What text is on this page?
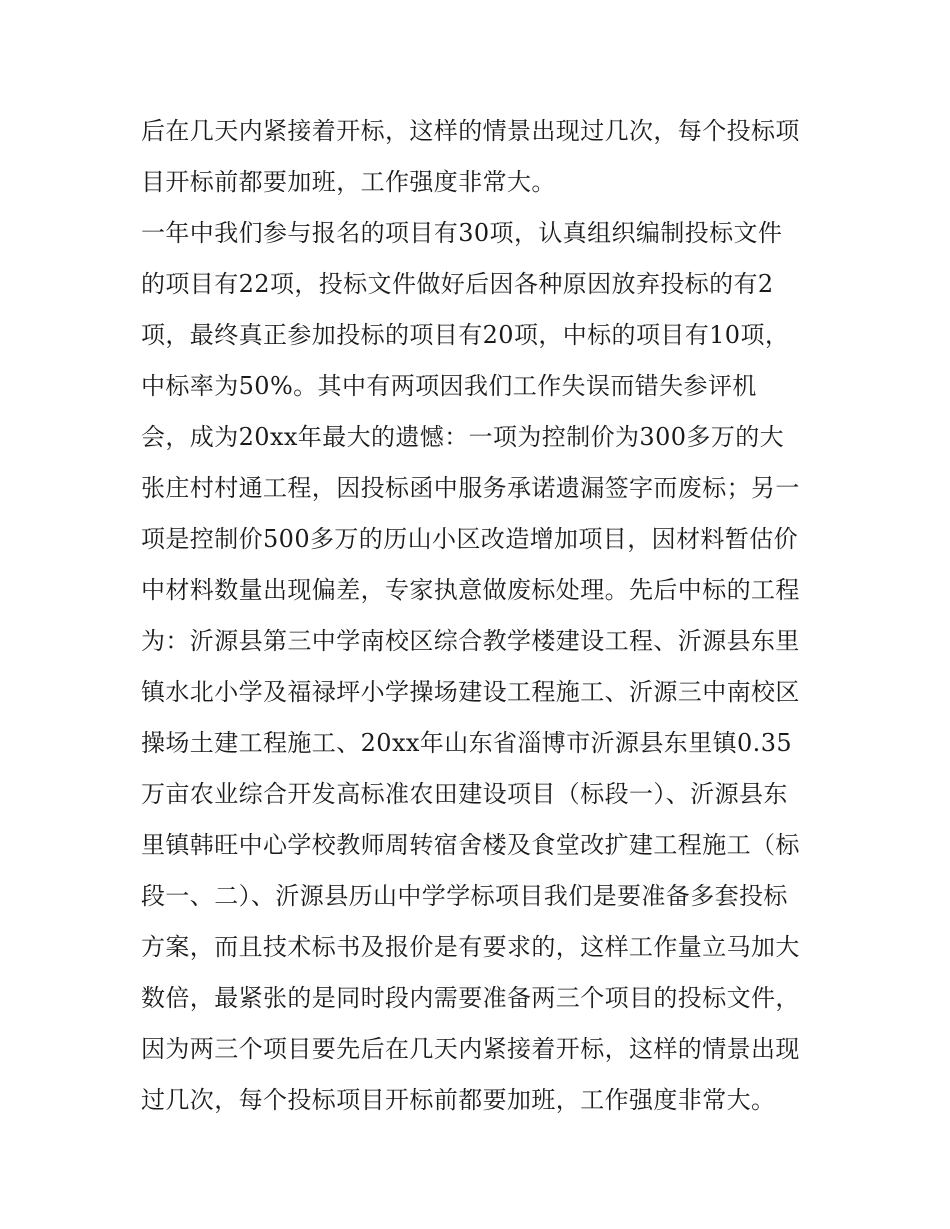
后在几天内紧接着开标，这样的情景出现过几次，每个投标项
目开标前都要加班，工作强度非常大。
一年中我们参与报名的项目有30项，认真组织编制投标文件
的项目有22项，投标文件做好后因各种原因放弃投标的有2
项，最终真正参加投标的项目有20项，中标的项目有10项，
中标率为50%。其中有两项因我们工作失误而错失参评机
会，成为20xx年最大的遗憾：一项为控制价为300多万的大
张庄村村通工程，因投标函中服务承诺遗漏签字而废标；另一
项是控制价500多万的历山小区改造增加项目，因材料暂估价
中材料数量出现偏差，专家执意做废标处理。先后中标的工程
为：沂源县第三中学南校区综合教学楼建设工程、沂源县东里
镇水北小学及福禄坪小学操场建设工程施工、沂源三中南校区
操场土建工程施工、20xx年山东省淄博市沂源县东里镇0.35
万亩农业综合开发高标准农田建设项目（标段一）、沂源县东
里镇韩旺中心学校教师周转宿舍楼及食堂改扩建工程施工（标
段一、二）、沂源县历山中学学标项目我们是要准备多套投标
方案，而且技术标书及报价是有要求的，这样工作量立马加大
数倍，最紧张的是同时段内需要准备两三个项目的投标文件，
因为两三个项目要先后在几天内紧接着开标，这样的情景出现
过几次，每个投标项目开标前都要加班，工作强度非常大。
